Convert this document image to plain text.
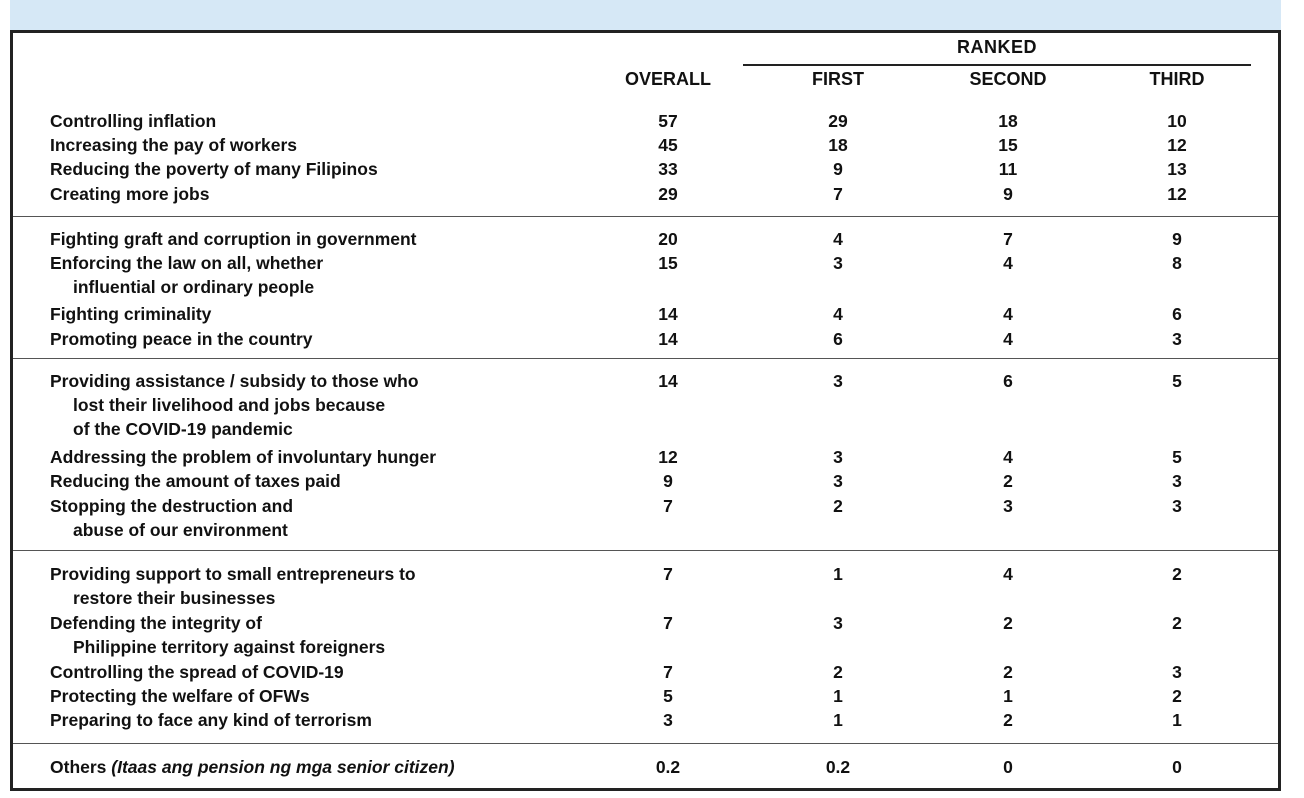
RANKED
OVERALL	FIRST	SECOND	THIRD
Controlling inflation	57	29	18	10
Increasing the pay of workers	45	18	15	12
Reducing the poverty of many Filipinos	33	9	11	13
Creating more jobs	29	7	9	12
Fighting graft and corruption in government	20	4	7	9
Enforcing the law on all, whether
influential or ordinary people
15	3	4	8
Fighting criminality	14	4	4	6
Promoting peace in the country	14	6	4	3
Providing assistance / subsidy to those who
lost their livelihood and jobs because
of the COVID-19 pandemic
14	3	6	5
Addressing the problem of involuntary hunger	12	3	4	5
Reducing the amount of taxes paid	9	3	2	3
Stopping the destruction and
abuse of our environment
7	2	3	3
Providing support to small entrepreneurs to
restore their businesses
7	1	4	2
Defending the integrity of
Philippine territory against foreigners
7	3	2	2
Controlling the spread of COVID-19	7	2	2	3
Protecting the welfare of OFWs	5	1	1	2
Preparing to face any kind of terrorism	3	1	2	1
Others (Itaas ang pension ng mga senior citizen)	0.2	0.2	0	0
